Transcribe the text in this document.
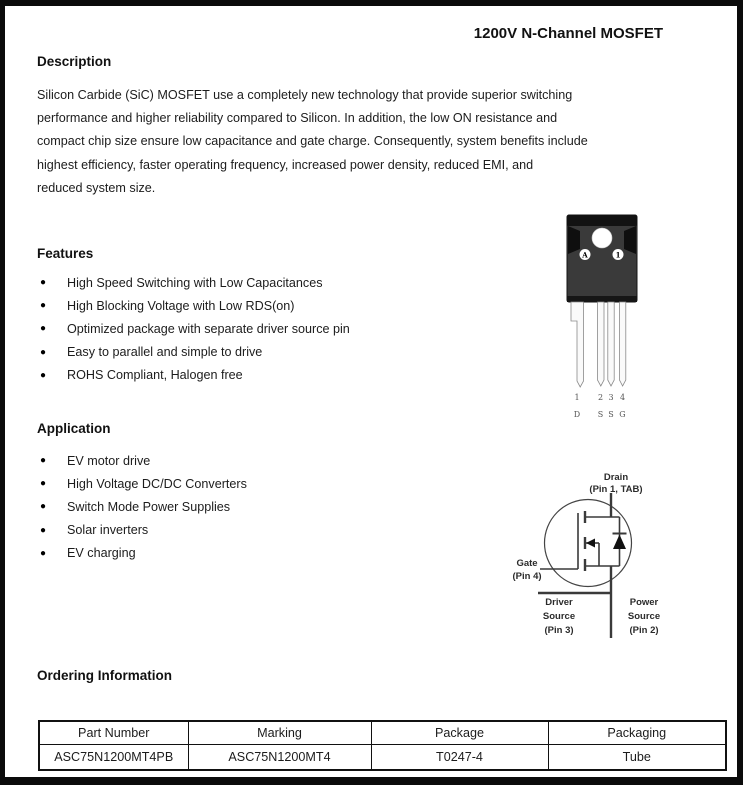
1200V N-Channel MOSFET
Description
Silicon Carbide (SiC) MOSFET use a completely new technology that provide superior switching
performance and higher reliability compared to Silicon. In addition, the low ON resistance and
compact chip size ensure low capacitance and gate charge. Consequently, system benefits include
highest efficiency, faster operating frequency, increased power density, reduced EMI, and
reduced system size.
Features
●	High Speed Switching with Low Capacitances
●	High Blocking Voltage with Low RDS(on)
●	Optimized package with separate driver source pin
●	Easy to parallel and simple to drive
●	ROHS Compliant, Halogen free
Application
●	EV motor drive
●	High Voltage DC/DC Converters
●	Switch Mode Power Supplies
●	Solar inverters
●	EV charging
A	1
1 2 3 4
D S S G
Drain
(Pin 1, TAB)
Gate
(Pin 4)
Driver
Source
(Pin 3)
Power
Source
(Pin 2)
Ordering Information
Part Number	Marking	Package	Packaging
ASC75N1200MT4PB	ASC75N1200MT4	T0247-4	Tube
